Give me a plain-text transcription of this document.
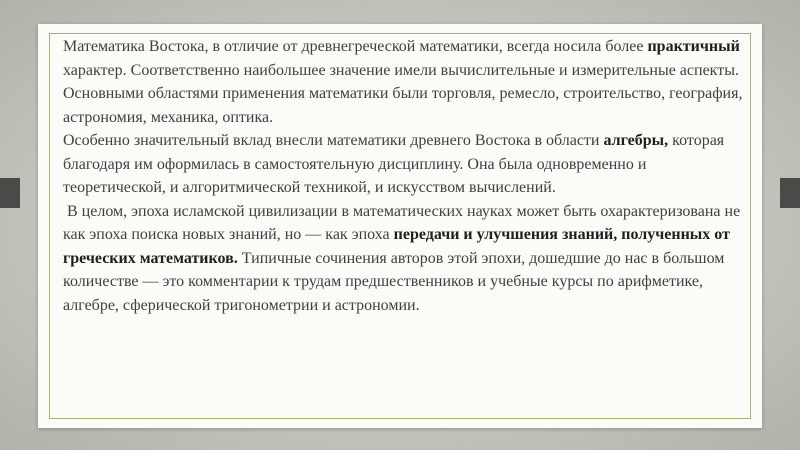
Математика Востока, в отличие от древнегреческой математики, всегда носила более практичный характер. Соответственно наибольшее значение имели вычислительные и измерительные аспекты. Основными областями применения математики были торговля, ремесло, строительство, география, астрономия, механика, оптика.

Особенно значительный вклад внесли математики древнего Востока в области алгебры, которая благодаря им оформилась в самостоятельную дисциплину. Она была одновременно и теоретической, и алгоритмической техникой, и искусством вычислений.

В целом, эпоха исламской цивилизации в математических науках может быть охарактеризована не как эпоха поиска новых знаний, но — как эпоха передачи и улучшения знаний, полученных от греческих математиков. Типичные сочинения авторов этой эпохи, дошедшие до нас в большом количестве — это комментарии к трудам предшественников и учебные курсы по арифметике, алгебре, сферической тригонометрии и астрономии.
